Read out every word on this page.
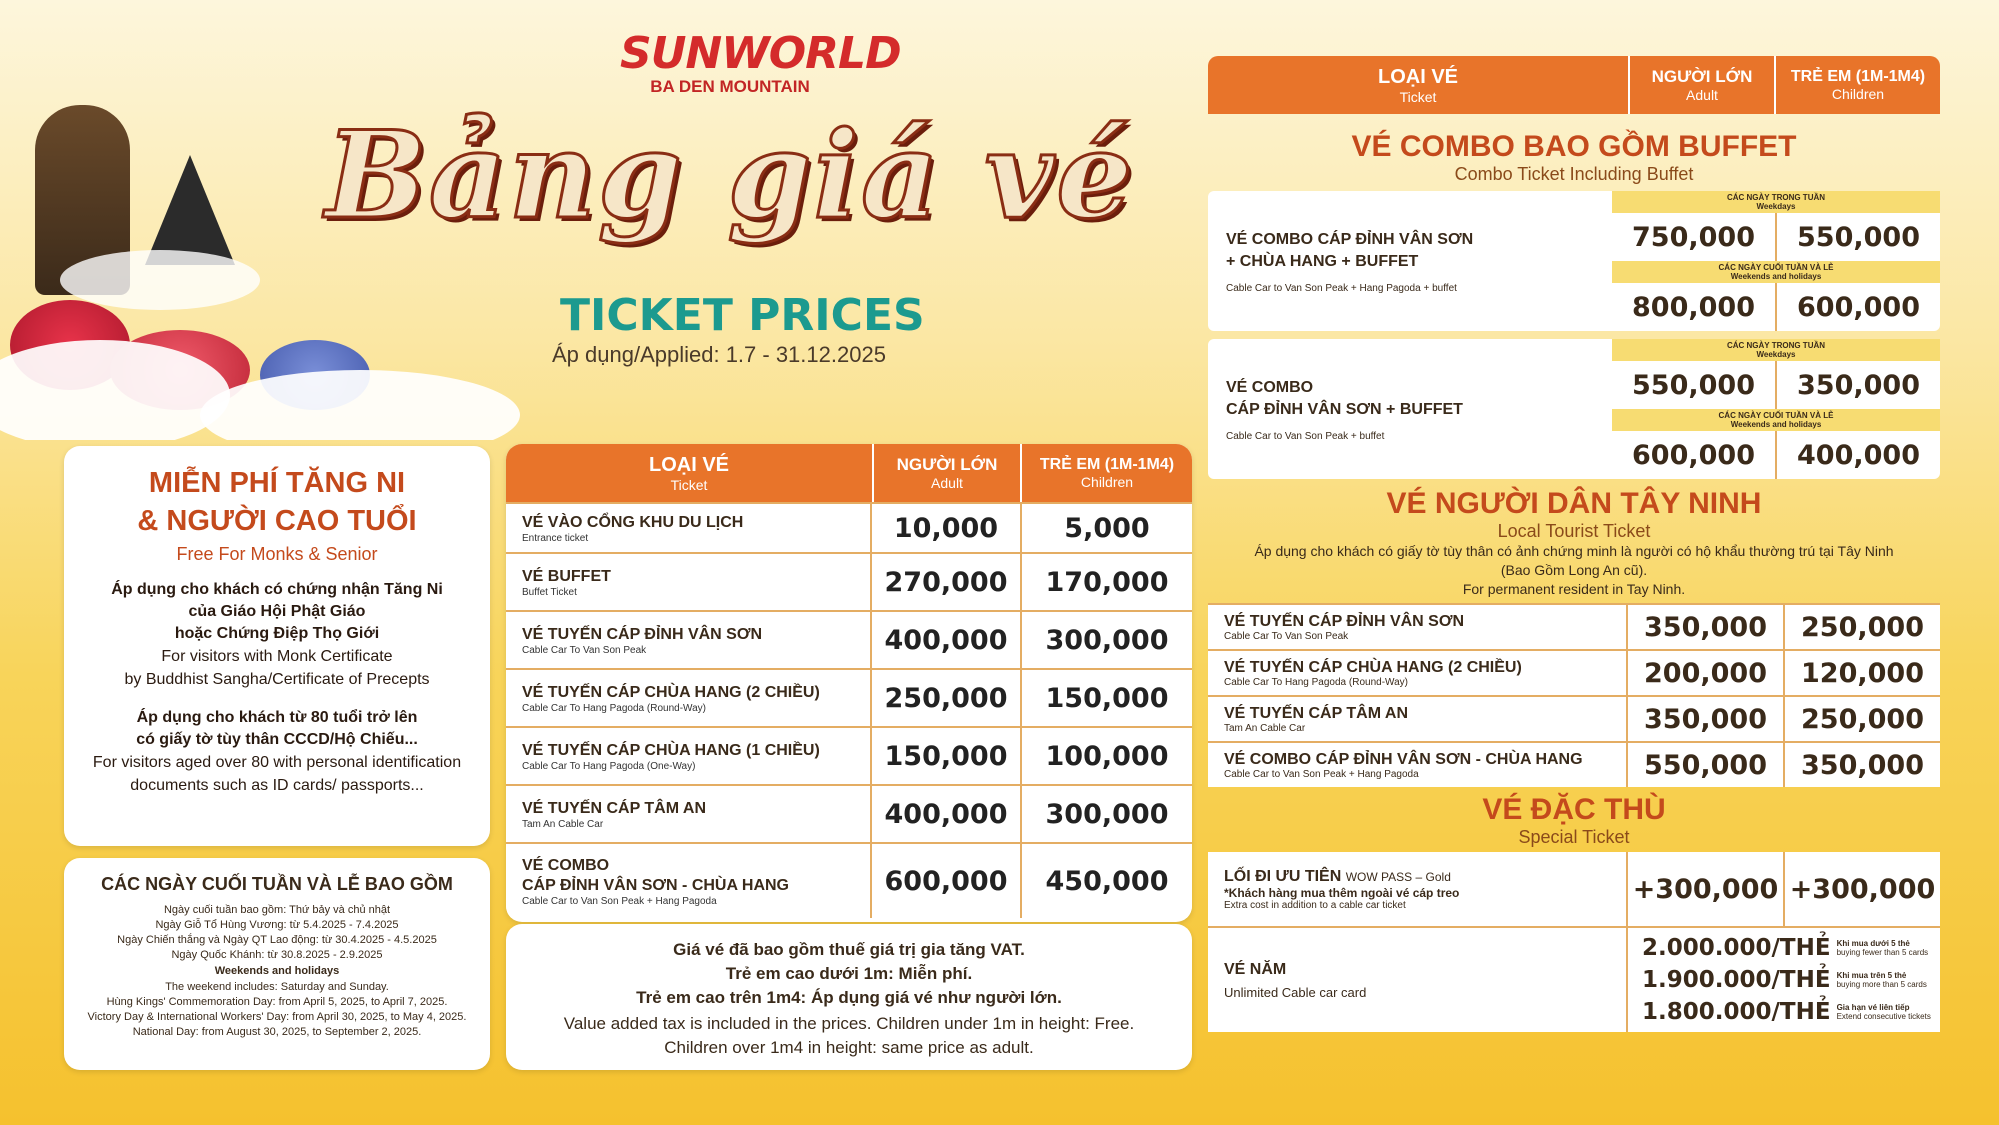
SUNWORLD
BA DEN MOUNTAIN
Bảng giá vé
TICKET PRICES
Áp dụng/Applied: 1.7 - 31.12.2025
MIỄN PHÍ TĂNG NI
& NGƯỜI CAO TUỔI
Free For Monks & Senior
Áp dụng cho khách có chứng nhận Tăng Ni
của Giáo Hội Phật Giáo
hoặc Chứng Điệp Thọ Giới
For visitors with Monk Certificate
by Buddhist Sangha/Certificate of Precepts
Áp dụng cho khách từ 80 tuổi trở lên
có giấy tờ tùy thân CCCD/Hộ Chiếu...
For visitors aged over 80 with personal identification
documents such as ID cards/ passports...
CÁC NGÀY CUỐI TUẦN VÀ LỄ BAO GỒM
Ngày cuối tuần bao gồm: Thứ bảy và chủ nhật
Ngày Giỗ Tổ Hùng Vương: từ 5.4.2025 - 7.4.2025
Ngày Chiến thắng và Ngày QT Lao động: từ 30.4.2025 - 4.5.2025
Ngày Quốc Khánh: từ 30.8.2025 - 2.9.2025
Weekends and holidays
The weekend includes: Saturday and Sunday.
Hùng Kings' Commemoration Day: from April 5, 2025, to April 7, 2025.
Victory Day & International Workers' Day: from April 30, 2025, to May 4, 2025.
National Day: from August 30, 2025, to September 2, 2025.
LOẠI VÉ
Ticket
NGƯỜI LỚN
Adult
TRẺ EM (1M-1M4)
Children
VÉ VÀO CỔNG KHU DU LỊCH
Entrance ticket	10,000	5,000
VÉ BUFFET
Buffet Ticket	270,000	170,000
VÉ TUYẾN CÁP ĐỈNH VÂN SƠN
Cable Car To Van Son Peak	400,000	300,000
VÉ TUYẾN CÁP CHÙA HANG (2 CHIỀU)
Cable Car To Hang Pagoda (Round-Way)	250,000	150,000
VÉ TUYẾN CÁP CHÙA HANG (1 CHIỀU)
Cable Car To Hang Pagoda (One-Way)	150,000	100,000
VÉ TUYẾN CÁP TÂM AN
Tam An Cable Car	400,000	300,000
VÉ COMBO
CÁP ĐỈNH VÂN SƠN - CHÙA HANG
Cable Car to Van Son Peak + Hang Pagoda
600,000	450,000
Giá vé đã bao gồm thuế giá trị gia tăng VAT.
Trẻ em cao dưới 1m: Miễn phí.
Trẻ em cao trên 1m4: Áp dụng giá vé như người lớn.
Value added tax is included in the prices. Children under 1m in height: Free.
Children over 1m4 in height: same price as adult.
LOẠI VÉ
Ticket
NGƯỜI LỚN
Adult
TRẺ EM (1M-1M4)
Children
VÉ COMBO BAO GỒM BUFFET
Combo Ticket Including Buffet
VÉ COMBO CÁP ĐỈNH VÂN SƠN
+ CHÙA HANG + BUFFET
Cable Car to Van Son Peak + Hang Pagoda + buffet
CÁC NGÀY TRONG TUẦN
Weekdays
750,000	550,000
CÁC NGÀY CUỐI TUẦN VÀ LỄ
Weekends and holidays
800,000	600,000
VÉ COMBO
CÁP ĐỈNH VÂN SƠN + BUFFET
Cable Car to Van Son Peak + buffet
CÁC NGÀY TRONG TUẦN
Weekdays
550,000	350,000
CÁC NGÀY CUỐI TUẦN VÀ LỄ
Weekends and holidays
600,000	400,000
VÉ NGƯỜI DÂN TÂY NINH
Local Tourist Ticket
Áp dụng cho khách có giấy tờ tùy thân có ảnh chứng minh là người có hộ khẩu thường trú tại Tây Ninh
(Bao Gồm Long An cũ).
For permanent resident in Tay Ninh.
VÉ TUYẾN CÁP ĐỈNH VÂN SƠN
Cable Car To Van Son Peak	350,000	250,000
VÉ TUYẾN CÁP CHÙA HANG (2 CHIỀU)
Cable Car To Hang Pagoda (Round-Way)	200,000	120,000
VÉ TUYẾN CÁP TÂM AN
Tam An Cable Car	350,000	250,000
VÉ COMBO CÁP ĐỈNH VÂN SƠN - CHÙA HANG
Cable Car to Van Son Peak + Hang Pagoda	550,000	350,000
VÉ ĐẶC THÙ
Special Ticket
LỐI ĐI ƯU TIÊN WOW PASS – Gold
*Khách hàng mua thêm ngoài vé cáp treo
Extra cost in addition to a cable car ticket
+300,000 +300,000
VÉ NĂM
Unlimited Cable car card
2.000.000/THẺ Khi mua dưới 5 thẻ
buying fewer than 5 cards
1.900.000/THẺ Khi mua trên 5 thẻ
buying more than 5 cards
1.800.000/THẺ Gia hạn vé liên tiếp
Extend consecutive tickets
